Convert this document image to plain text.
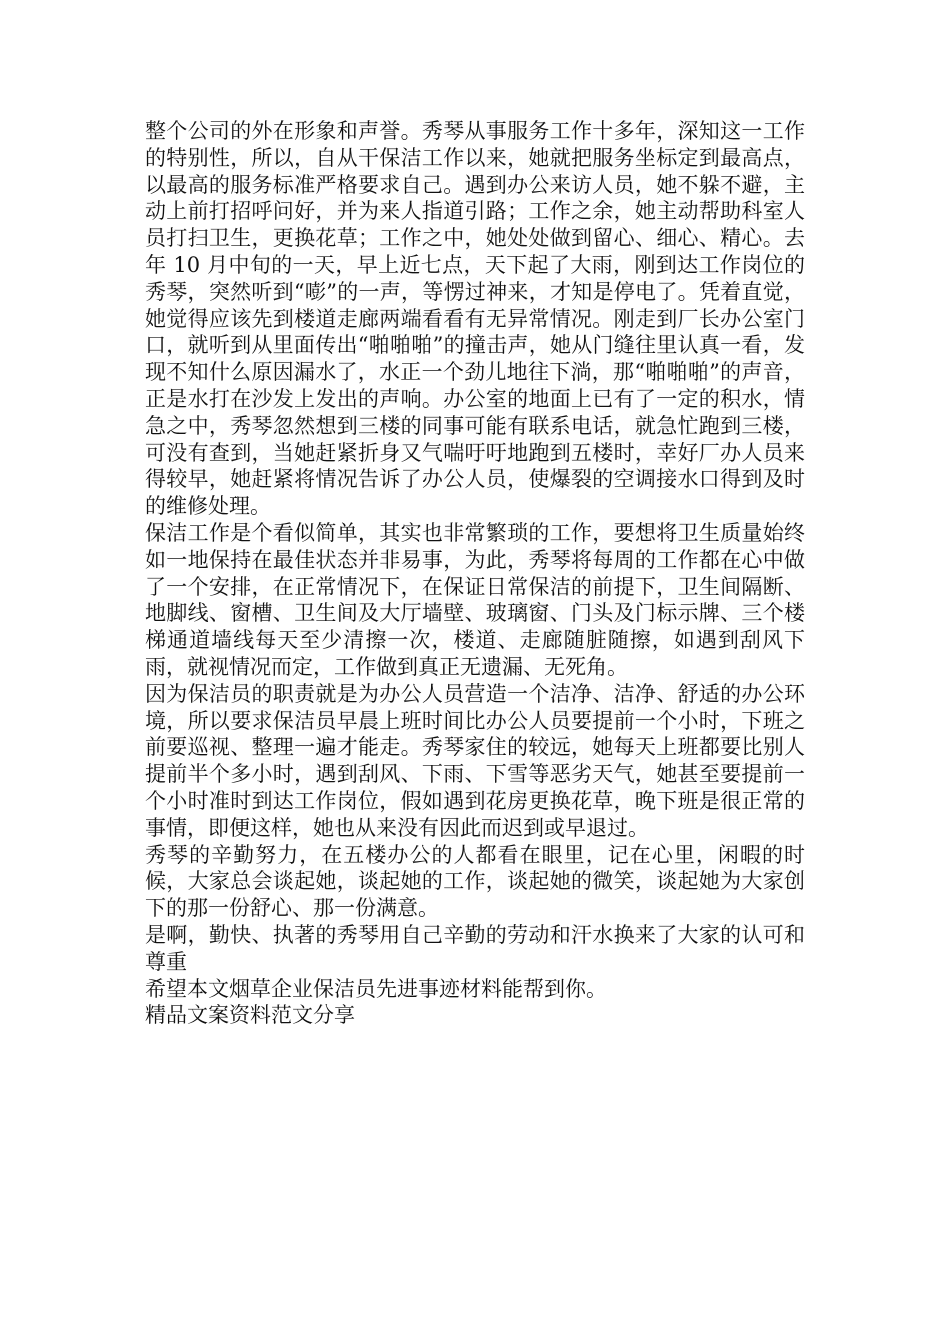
整个公司的外在形象和声誉。秀琴从事服务工作十多年，深知这一工作的特别性，所以，自从干保洁工作以来，她就把服务坐标定到最高点，以最高的服务标准严格要求自己。遇到办公来访人员，她不躲不避，主动上前打招呼问好，并为来人指道引路；工作之余，她主动帮助科室人员打扫卫生，更换花草；工作之中，她处处做到留心、细心、精心。去年 10 月中旬的一天，早上近七点，天下起了大雨，刚到达工作岗位的秀琴，突然听到“嘭”的一声，等愣过神来，才知是停电了。凭着直觉，她觉得应该先到楼道走廊两端看看有无异常情况。刚走到厂长办公室门口，就听到从里面传出“啪啪啪”的撞击声，她从门缝往里认真一看，发现不知什么原因漏水了，水正一个劲儿地往下淌，那“啪啪啪”的声音，正是水打在沙发上发出的声响。办公室的地面上已有了一定的积水，情急之中，秀琴忽然想到三楼的同事可能有联系电话，就急忙跑到三楼，可没有查到，当她赶紧折身又气喘吁吁地跑到五楼时，幸好厂办人员来得较早，她赶紧将情况告诉了办公人员，使爆裂的空调接水口得到及时的维修处理。

保洁工作是个看似简单，其实也非常繁琐的工作，要想将卫生质量始终如一地保持在最佳状态并非易事，为此，秀琴将每周的工作都在心中做了一个安排，在正常情况下，在保证日常保洁的前提下，卫生间隔断、地脚线、窗槽、卫生间及大厅墙壁、玻璃窗、门头及门标示牌、三个楼梯通道墙线每天至少清擦一次，楼道、走廊随脏随擦，如遇到刮风下雨，就视情况而定，工作做到真正无遗漏、无死角。

因为保洁员的职责就是为办公人员营造一个洁净、洁净、舒适的办公环境，所以要求保洁员早晨上班时间比办公人员要提前一个小时，下班之前要巡视、整理一遍才能走。秀琴家住的较远，她每天上班都要比别人提前半个多小时，遇到刮风、下雨、下雪等恶劣天气，她甚至要提前一个小时准时到达工作岗位，假如遇到花房更换花草，晚下班是很正常的事情，即便这样，她也从来没有因此而迟到或早退过。

秀琴的辛勤努力，在五楼办公的人都看在眼里，记在心里，闲暇的时候，大家总会谈起她，谈起她的工作，谈起她的微笑，谈起她为大家创下的那一份舒心、那一份满意。

是啊，勤快、执著的秀琴用自己辛勤的劳动和汗水换来了大家的认可和尊重

希望本文烟草企业保洁员先进事迹材料能帮到你。

精品文案资料范文分享
